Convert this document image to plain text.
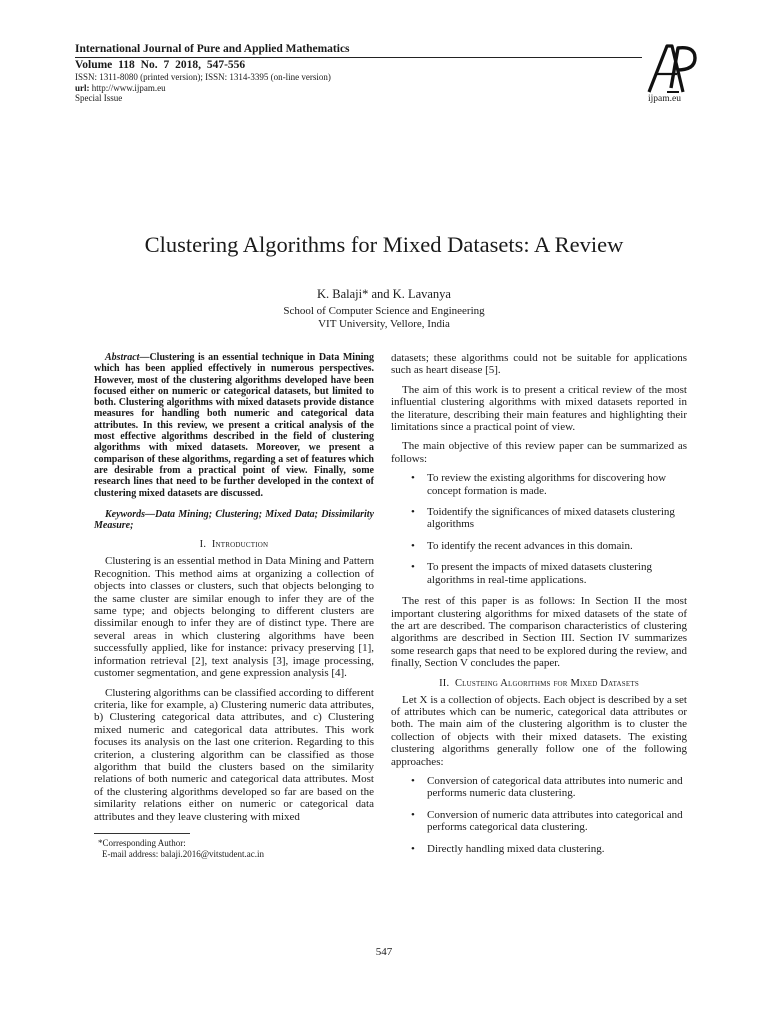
International Journal of Pure and Applied Mathematics
Volume 118 No. 7 2018, 547-556
ISSN: 1311-8080 (printed version); ISSN: 1314-3395 (on-line version)
url: http://www.ijpam.eu
Special Issue	ijpam.eu
Clustering Algorithms for Mixed Datasets: A Review
K. Balaji* and K. Lavanya
School of Computer Science and Engineering
VIT University, Vellore, India

Abstract—Clustering is an essential technique in Data Mining which has been applied effectively in numerous perspectives. However, most of the clustering algorithms developed have been focused either on numeric or categorical datasets, but limited to both. Clustering algorithms with mixed datasets provide distance measures for handling both numeric and categorical data attributes. In this review, we present a critical analysis of the most effective algorithms described in the field of clustering algorithms with mixed datasets. Moreover, we present a comparison of these algorithms, regarding a set of features which are desirable from a practical point of view. Finally, some research lines that need to be further developed in the context of clustering mixed datasets are discussed.

Keywords—Data Mining; Clustering; Mixed Data; Dissimilarity Measure;

I. Introduction

Clustering is an essential method in Data Mining and Pattern Recognition. This method aims at organizing a collection of objects into classes or clusters, such that objects belonging to the same cluster are similar enough to infer they are of the same type; and objects belonging to different clusters are dissimilar enough to infer they are of distinct type. There are several areas in which clustering algorithms have been successfully applied, like for instance: privacy preserving [1], information retrieval [2], text analysis [3], image processing, customer segmentation, and gene expression analysis [4].

Clustering algorithms can be classified according to different criteria, like for example, a) Clustering numeric data attributes, b) Clustering categorical data attributes, and c) Clustering mixed numeric and categorical data attributes. This work focuses its analysis on the last one criterion. Regarding to this criterion, a clustering algorithm can be classified as those algorithm that build the clusters based on the similarity relations of both numeric and categorical data attributes. Most of the clustering algorithms developed so far are based on the similarity relations either on numeric or categorical data attributes and they leave clustering with mixed

datasets; these algorithms could not be suitable for applications such as heart disease [5].

The aim of this work is to present a critical review of the most influential clustering algorithms with mixed datasets reported in the literature, describing their main features and highlighting their limitations since a practical point of view.

The main objective of this review paper can be summarized as follows:

• To review the existing algorithms for discovering how concept formation is made.
• Toidentify the significances of mixed datasets clustering algorithms
• To identify the recent advances in this domain.
• To present the impacts of mixed datasets clustering algorithms in real-time applications.

The rest of this paper is as follows: In Section II the most important clustering algorithms for mixed datasets of the state of the art are described. The comparison characteristics of clustering algorithms are described in Section III. Section IV summarizes some research gaps that need to be explored during the review, and finally, Section V concludes the paper.

II. Clusteing Algorithms for Mixed Datasets

Let X is a collection of objects. Each object is described by a set of attributes which can be numeric, categorical data attributes or both. The main aim of the clustering algorithm is to cluster the collection of objects with their mixed datasets. The existing clustering algorithms generally follow one of the following approaches:

• Conversion of categorical data attributes into numeric and performs numeric data clustering.
• Conversion of numeric data attributes into categorical and performs categorical data clustering.
• Directly handling mixed data clustering.
*Corresponding Author:
E-mail address: balaji.2016@vitstudent.ac.in
547
